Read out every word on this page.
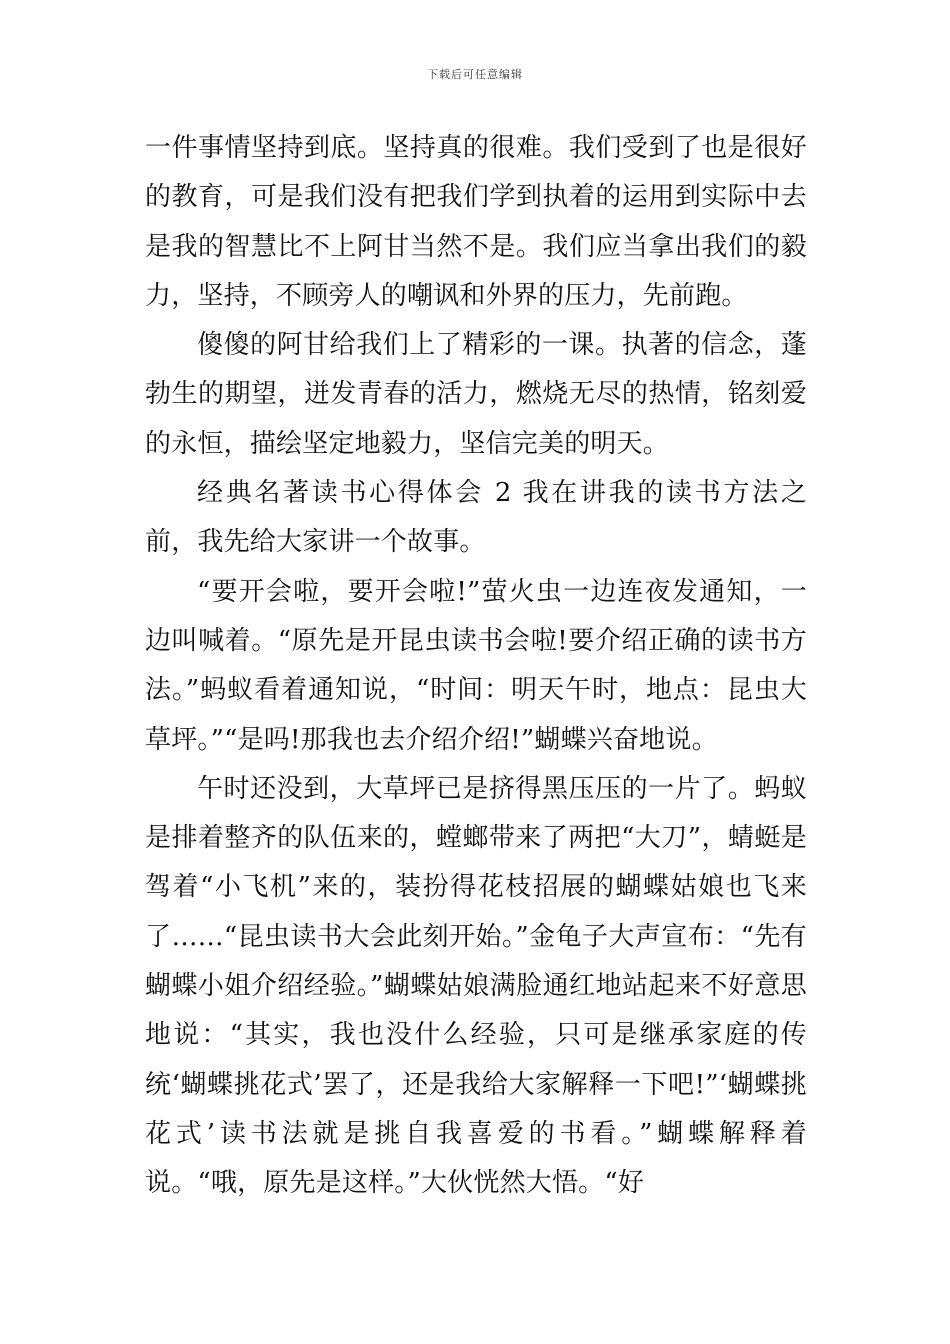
下载后可任意编辑

一件事情坚持到底。坚持真的很难。我们受到了也是很好的教育，可是我们没有把我们学到执着的运用到实际中去是我的智慧比不上阿甘当然不是。我们应当拿出我们的毅力，坚持，不顾旁人的嘲讽和外界的压力，先前跑。

傻傻的阿甘给我们上了精彩的一课。执著的信念，蓬勃生的期望，迸发青春的活力，燃烧无尽的热情，铭刻爱的永恒，描绘坚定地毅力，坚信完美的明天。

经典名著读书心得体会 2 我在讲我的读书方法之前，我先给大家讲一个故事。

“要开会啦，要开会啦!”萤火虫一边连夜发通知，一边叫喊着。“原先是开昆虫读书会啦!要介绍正确的读书方法。”蚂蚁看着通知说，“时间：明天午时，地点：昆虫大草坪。”“是吗!那我也去介绍介绍!”蝴蝶兴奋地说。

午时还没到，大草坪已是挤得黑压压的一片了。蚂蚁是排着整齐的队伍来的，螳螂带来了两把“大刀”，蜻蜓是驾着“小飞机”来的，装扮得花枝招展的蝴蝶姑娘也飞来了……“昆虫读书大会此刻开始。”金龟子大声宣布：“先有蝴蝶小姐介绍经验。”蝴蝶姑娘满脸通红地站起来不好意思地说：“其实，我也没什么经验，只可是继承家庭的传统‘蝴蝶挑花式’罢了，还是我给大家解释一下吧!”‘蝴蝶挑花式’读书法就是挑自我喜爱的书看。”蝴蝶解释着说。“哦，原先是这样。”大伙恍然大悟。“好
